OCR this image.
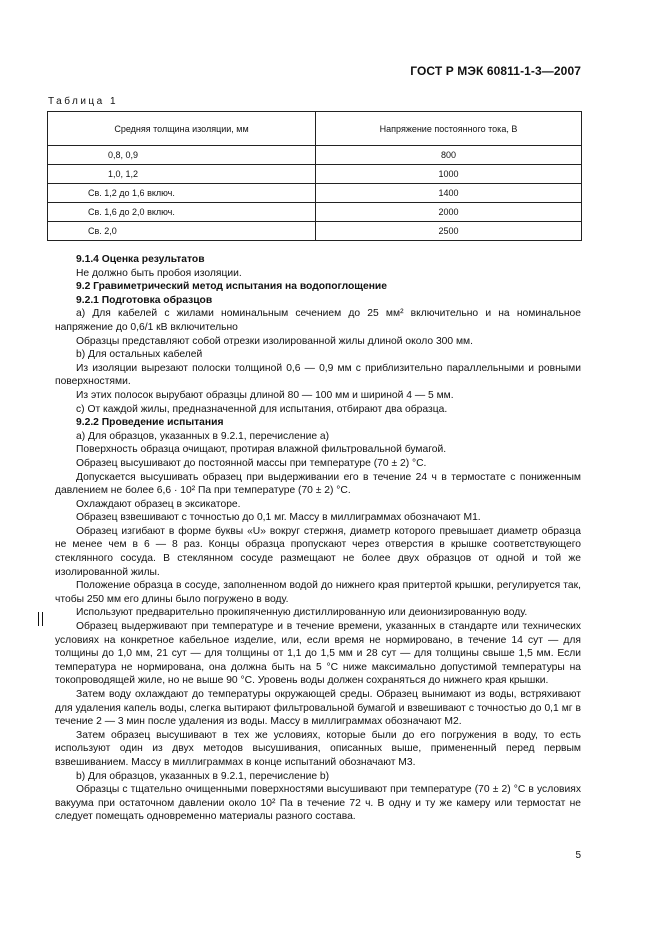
ГОСТ Р МЭК 60811-1-3—2007
Таблица 1
Средняя толщина изоляции, мм	Напряжение постоянного тока, В
0,8, 0,9	800
1,0, 1,2	1000
Св. 1,2 до 1,6 включ.	1400
Св. 1,6 до 2,0 включ.	2000
Св. 2,0	2500

9.1.4 Оценка результатов

Не должно быть пробоя изоляции.

9.2 Гравиметрический метод испытания на водопоглощение

9.2.1 Подготовка образцов

a) Для кабелей с жилами номинальным сечением до 25 мм² включительно и на номинальное напряжение до 0,6/1 кВ включительно

Образцы представляют собой отрезки изолированной жилы длиной около 300 мм.

b) Для остальных кабелей

Из изоляции вырезают полоски толщиной 0,6 — 0,9 мм с приблизительно параллельными и ровными поверхностями.

Из этих полосок вырубают образцы длиной 80 — 100 мм и шириной 4 — 5 мм.

c) От каждой жилы, предназначенной для испытания, отбирают два образца.

9.2.2 Проведение испытания

a) Для образцов, указанных в 9.2.1, перечисление a)

Поверхность образца очищают, протирая влажной фильтровальной бумагой.

Образец высушивают до постоянной массы при температуре (70 ± 2) °С.

Допускается высушивать образец при выдерживании его в течение 24 ч в термостате с пониженным давлением не более 6,6 · 10² Па при температуре (70 ± 2) °С.

Охлаждают образец в эксикаторе.

Образец взвешивают с точностью до 0,1 мг. Массу в миллиграммах обозначают М1.

Образец изгибают в форме буквы «U» вокруг стержня, диаметр которого превышает диаметр образца не менее чем в 6 — 8 раз. Концы образца пропускают через отверстия в крышке соответствующего стеклянного сосуда. В стеклянном сосуде размещают не более двух образцов от одной и той же изолированной жилы.

Положение образца в сосуде, заполненном водой до нижнего края притертой крышки, регулируется так, чтобы 250 мм его длины было погружено в воду.

Используют предварительно прокипяченную дистиллированную или деионизированную воду.

Образец выдерживают при температуре и в течение времени, указанных в стандарте или технических условиях на конкретное кабельное изделие, или, если время не нормировано, в течение 14 сут — для толщины до 1,0 мм, 21 сут — для толщины от 1,1 до 1,5 мм и 28 сут — для толщины свыше 1,5 мм. Если температура не нормирована, она должна быть на 5 °С ниже максимально допустимой температуры на токопроводящей жиле, но не выше 90 °С. Уровень воды должен сохраняться до нижнего края крышки.

Затем воду охлаждают до температуры окружающей среды. Образец вынимают из воды, встряхивают для удаления капель воды, слегка вытирают фильтровальной бумагой и взвешивают с точностью до 0,1 мг в течение 2 — 3 мин после удаления из воды. Массу в миллиграммах обозначают М2.

Затем образец высушивают в тех же условиях, которые были до его погружения в воду, то есть используют один из двух методов высушивания, описанных выше, примененный перед первым взвешиванием. Массу в миллиграммах в конце испытаний обозначают М3.

b) Для образцов, указанных в 9.2.1, перечисление b)

Образцы с тщательно очищенными поверхностями высушивают при температуре (70 ± 2) °С в условиях вакуума при остаточном давлении около 10² Па в течение 72 ч. В одну и ту же камеру или термостат не следует помещать одновременно материалы разного состава.

5
